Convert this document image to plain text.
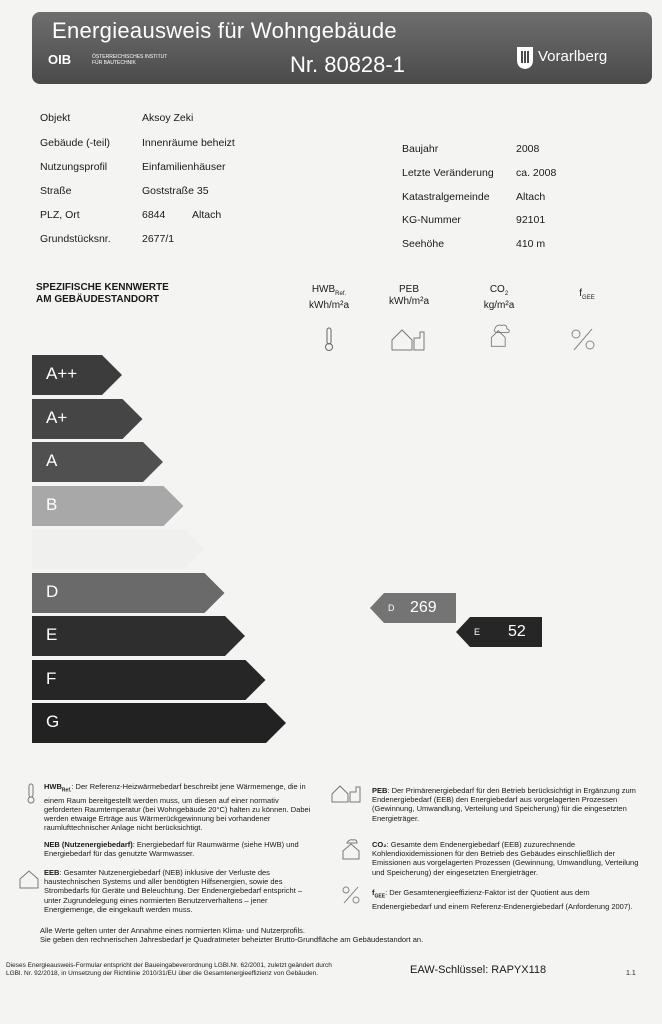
Energieausweis für Wohngebäude
Nr. 80828-1
OIB	ÖSTERREICHISCHES INSTITUT FÜR BAUTECHNIK	Vorarlberg
Objekt	Aksoy Zeki
Gebäude (-teil)	Innenräume beheizt
Nutzungsprofil	Einfamilienhäuser
Straße	Goststraße 35
PLZ, Ort	6844	Altach
Grundstücksnr.	2677/1
Baujahr	2008
Letzte Veränderung ca. 2008
Katastralgemeinde	Altach
KG-Nummer	92101
Seehöhe	410 m
SPEZIFISCHE KENNWERTE
AM GEBÄUDESTANDORT
$HWB_{Ref.}$
kWh/m²a
PEB
kWh/m²a
$CO_2$
kg/m²a
$f_{GEE}$
A++
A+
A
B
C
D
E
F
G
D 269
E 52
$HWB_{Ref.}$: Der Referenz-Heizwärmebedarf beschreibt jene Wärmemenge, die in einem Raum bereitgestellt werden muss, um diesen auf einer normativ geforderten Raumtemperatur (bei Wohngebäude 20°C) halten zu können. Dabei werden etwaige Erträge aus Wärmerückgewinnung bei vorhandener raumlufttechnischer Anlage nicht berücksichtigt.
NEB (Nutzenergiebedarf): Energiebedarf für Raumwärme (siehe HWB) und Energiebedarf für das genutzte Warmwasser.
EEB: Gesamter Nutzenergiebedarf (NEB) inklusive der Verluste des haustechnischen Systems und aller benötigten Hilfsenergien, sowie des Strombedarfs für Geräte und Beleuchtung. Der Endenergiebedarf entspricht – unter Zugrundelegung eines normierten Benutzerverhaltens – jener Energiemenge, die eingekauft werden muss.
PEB: Der Primärenergiebedarf für den Betrieb berücksichtigt in Ergänzung zum Endenergiebedarf (EEB) den Energiebedarf aus vorgelagerten Prozessen (Gewinnung, Umwandlung, Verteilung und Speicherung) für die eingesetzten Energieträger.
CO₂: Gesamte dem Endenergiebedarf (EEB) zuzurechnende Kohlendioxidemissionen für den Betrieb des Gebäudes einschließlich der Emissionen aus vorgelagerten Prozessen (Gewinnung, Umwandlung, Verteilung und Speicherung) der eingesetzten Energieträger.
$f_{GEE}$: Der Gesamtenergieeffizienz-Faktor ist der Quotient aus dem Endenergiebedarf und einem Referenz-Endenergiebedarf (Anforderung 2007).
Alle Werte gelten unter der Annahme eines normierten Klima- und Nutzerprofils.
Sie geben den rechnerischen Jahresbedarf je Quadratmeter beheizter Brutto-Grundfläche am Gebäudestandort an.
Dieses Energieausweis-Formular entspricht der Baueingabeverordnung LGBl.Nr. 62/2001, zuletzt geändert durch
LGBl. Nr. 92/2018, in Umsetzung der Richtlinie 2010/31/EU über die Gesamtenergieeffizienz von Gebäuden.	EAW-Schlüssel: RAPYX118	1.1
